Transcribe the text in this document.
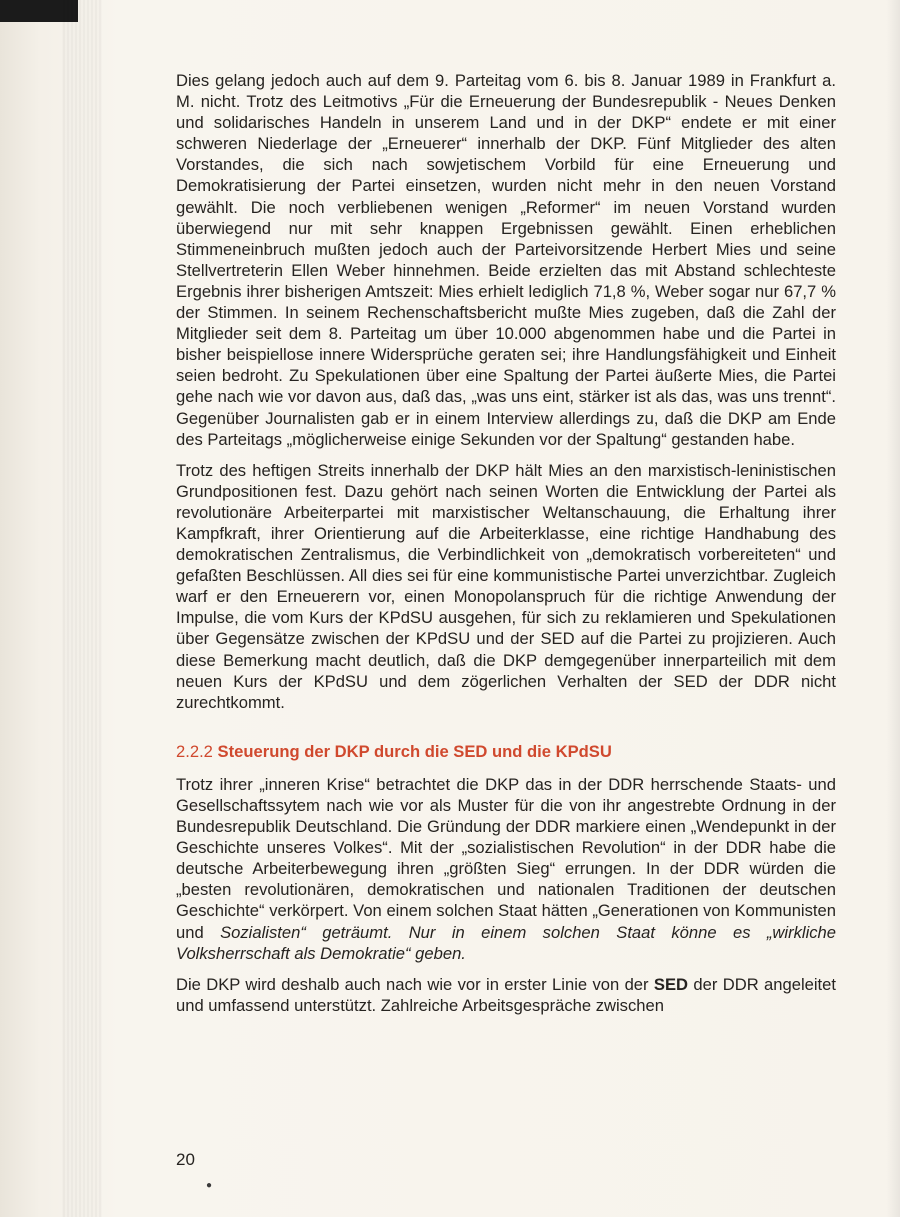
Dies gelang jedoch auch auf dem 9. Parteitag vom 6. bis 8. Januar 1989 in Frankfurt a. M. nicht. Trotz des Leitmotivs „Für die Erneuerung der Bundesrepublik - Neues Denken und solidarisches Handeln in unserem Land und in der DKP“ endete er mit einer schweren Niederlage der „Erneuerer“ innerhalb der DKP. Fünf Mitglieder des alten Vorstandes, die sich nach sowjetischem Vorbild für eine Erneuerung und Demokratisierung der Partei einsetzen, wurden nicht mehr in den neuen Vorstand gewählt. Die noch verbliebenen wenigen „Reformer“ im neuen Vorstand wurden überwiegend nur mit sehr knappen Ergebnissen gewählt. Einen erheblichen Stimmeneinbruch mußten jedoch auch der Parteivorsitzende Herbert Mies und seine Stellvertreterin Ellen Weber hinnehmen. Beide erzielten das mit Abstand schlechteste Ergebnis ihrer bisherigen Amtszeit: Mies erhielt lediglich 71,8 %, Weber sogar nur 67,7 % der Stimmen. In seinem Rechenschaftsbericht mußte Mies zugeben, daß die Zahl der Mitglieder seit dem 8. Parteitag um über 10.000 abgenommen habe und die Partei in bisher beispiellose innere Widersprüche geraten sei; ihre Handlungsfähigkeit und Einheit seien bedroht. Zu Spekulationen über eine Spaltung der Partei äußerte Mies, die Partei gehe nach wie vor davon aus, daß das, „was uns eint, stärker ist als das, was uns trennt“. Gegenüber Journalisten gab er in einem Interview allerdings zu, daß die DKP am Ende des Parteitags „möglicherweise einige Sekunden vor der Spaltung“ gestanden habe.

Trotz des heftigen Streits innerhalb der DKP hält Mies an den marxistisch-leninistischen Grundpositionen fest. Dazu gehört nach seinen Worten die Entwicklung der Partei als revolutionäre Arbeiterpartei mit marxistischer Weltanschauung, die Erhaltung ihrer Kampfkraft, ihrer Orientierung auf die Arbeiterklasse, eine richtige Handhabung des demokratischen Zentralismus, die Verbindlichkeit von „demokratisch vorbereiteten“ und gefaßten Beschlüssen. All dies sei für eine kommunistische Partei unverzichtbar. Zugleich warf er den Erneuerern vor, einen Monopolanspruch für die richtige Anwendung der Impulse, die vom Kurs der KPdSU ausgehen, für sich zu reklamieren und Spekulationen über Gegensätze zwischen der KPdSU und der SED auf die Partei zu projizieren. Auch diese Bemerkung macht deutlich, daß die DKP demgegenüber innerparteilich mit dem neuen Kurs der KPdSU und dem zögerlichen Verhalten der SED der DDR nicht zurechtkommt.

2.2.2 Steuerung der DKP durch die SED und die KPdSU

Trotz ihrer „inneren Krise“ betrachtet die DKP das in der DDR herrschende Staats- und Gesellschaftssytem nach wie vor als Muster für die von ihr angestrebte Ordnung in der Bundesrepublik Deutschland. Die Gründung der DDR markiere einen „Wendepunkt in der Geschichte unseres Volkes“. Mit der „sozialistischen Revolution“ in der DDR habe die deutsche Arbeiterbewegung ihren „größten Sieg“ errungen. In der DDR würden die „besten revolutionären, demokratischen und nationalen Traditionen der deutschen Geschichte“ verkörpert. Von einem solchen Staat hätten „Generationen von Kommunisten und Sozialisten“ geträumt. Nur in einem solchen Staat könne es „wirkliche Volksherrschaft als Demokratie“ geben.

Die DKP wird deshalb auch nach wie vor in erster Linie von der SED der DDR angeleitet und umfassend unterstützt. Zahlreiche Arbeitsgespräche zwischen

20
●
